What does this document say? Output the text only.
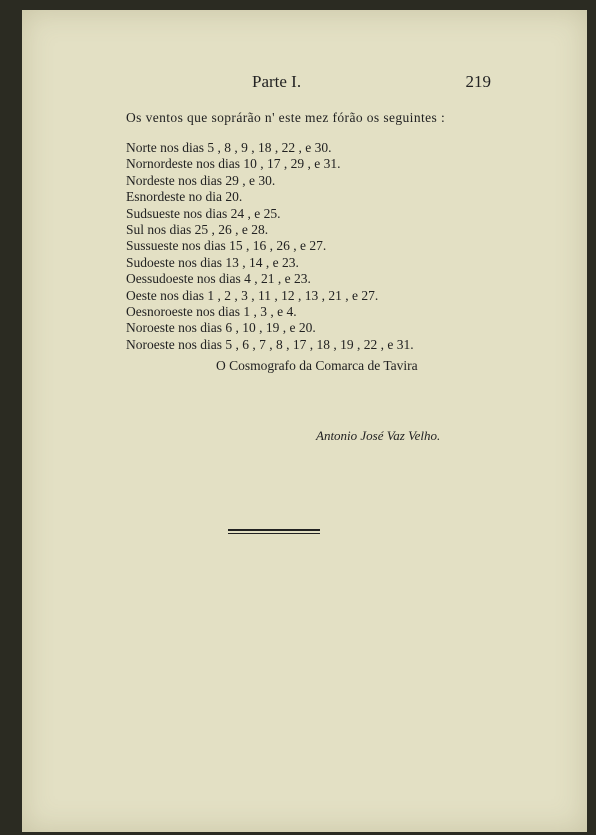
Parte I.	219
Os ventos que soprárão n' este mez fórão os seguintes :
Norte nos dias 5 , 8 , 9 , 18 , 22 , e 30.
Nornordeste nos dias 10 , 17 , 29 , e 31.
Nordeste nos dias 29 , e 30.
Esnordeste no dia 20.
Sudsueste nos dias 24 , e 25.
Sul nos dias 25 , 26 , e 28.
Sussueste nos dias 15 , 16 , 26 , e 27.
Sudoeste nos dias 13 , 14 , e 23.
Oessudoeste nos dias 4 , 21 , e 23.
Oeste nos dias 1 , 2 , 3 , 11 , 12 , 13 , 21 , e 27.
Oesnoroeste nos dias 1 , 3 , e 4.
Noroeste nos dias 6 , 10 , 19 , e 20.
Noroeste nos dias 5 , 6 , 7 , 8 , 17 , 18 , 19 , 22 , e 31.
O Cosmografo da Comarca de Tavira
Antonio José Vaz Velho.
